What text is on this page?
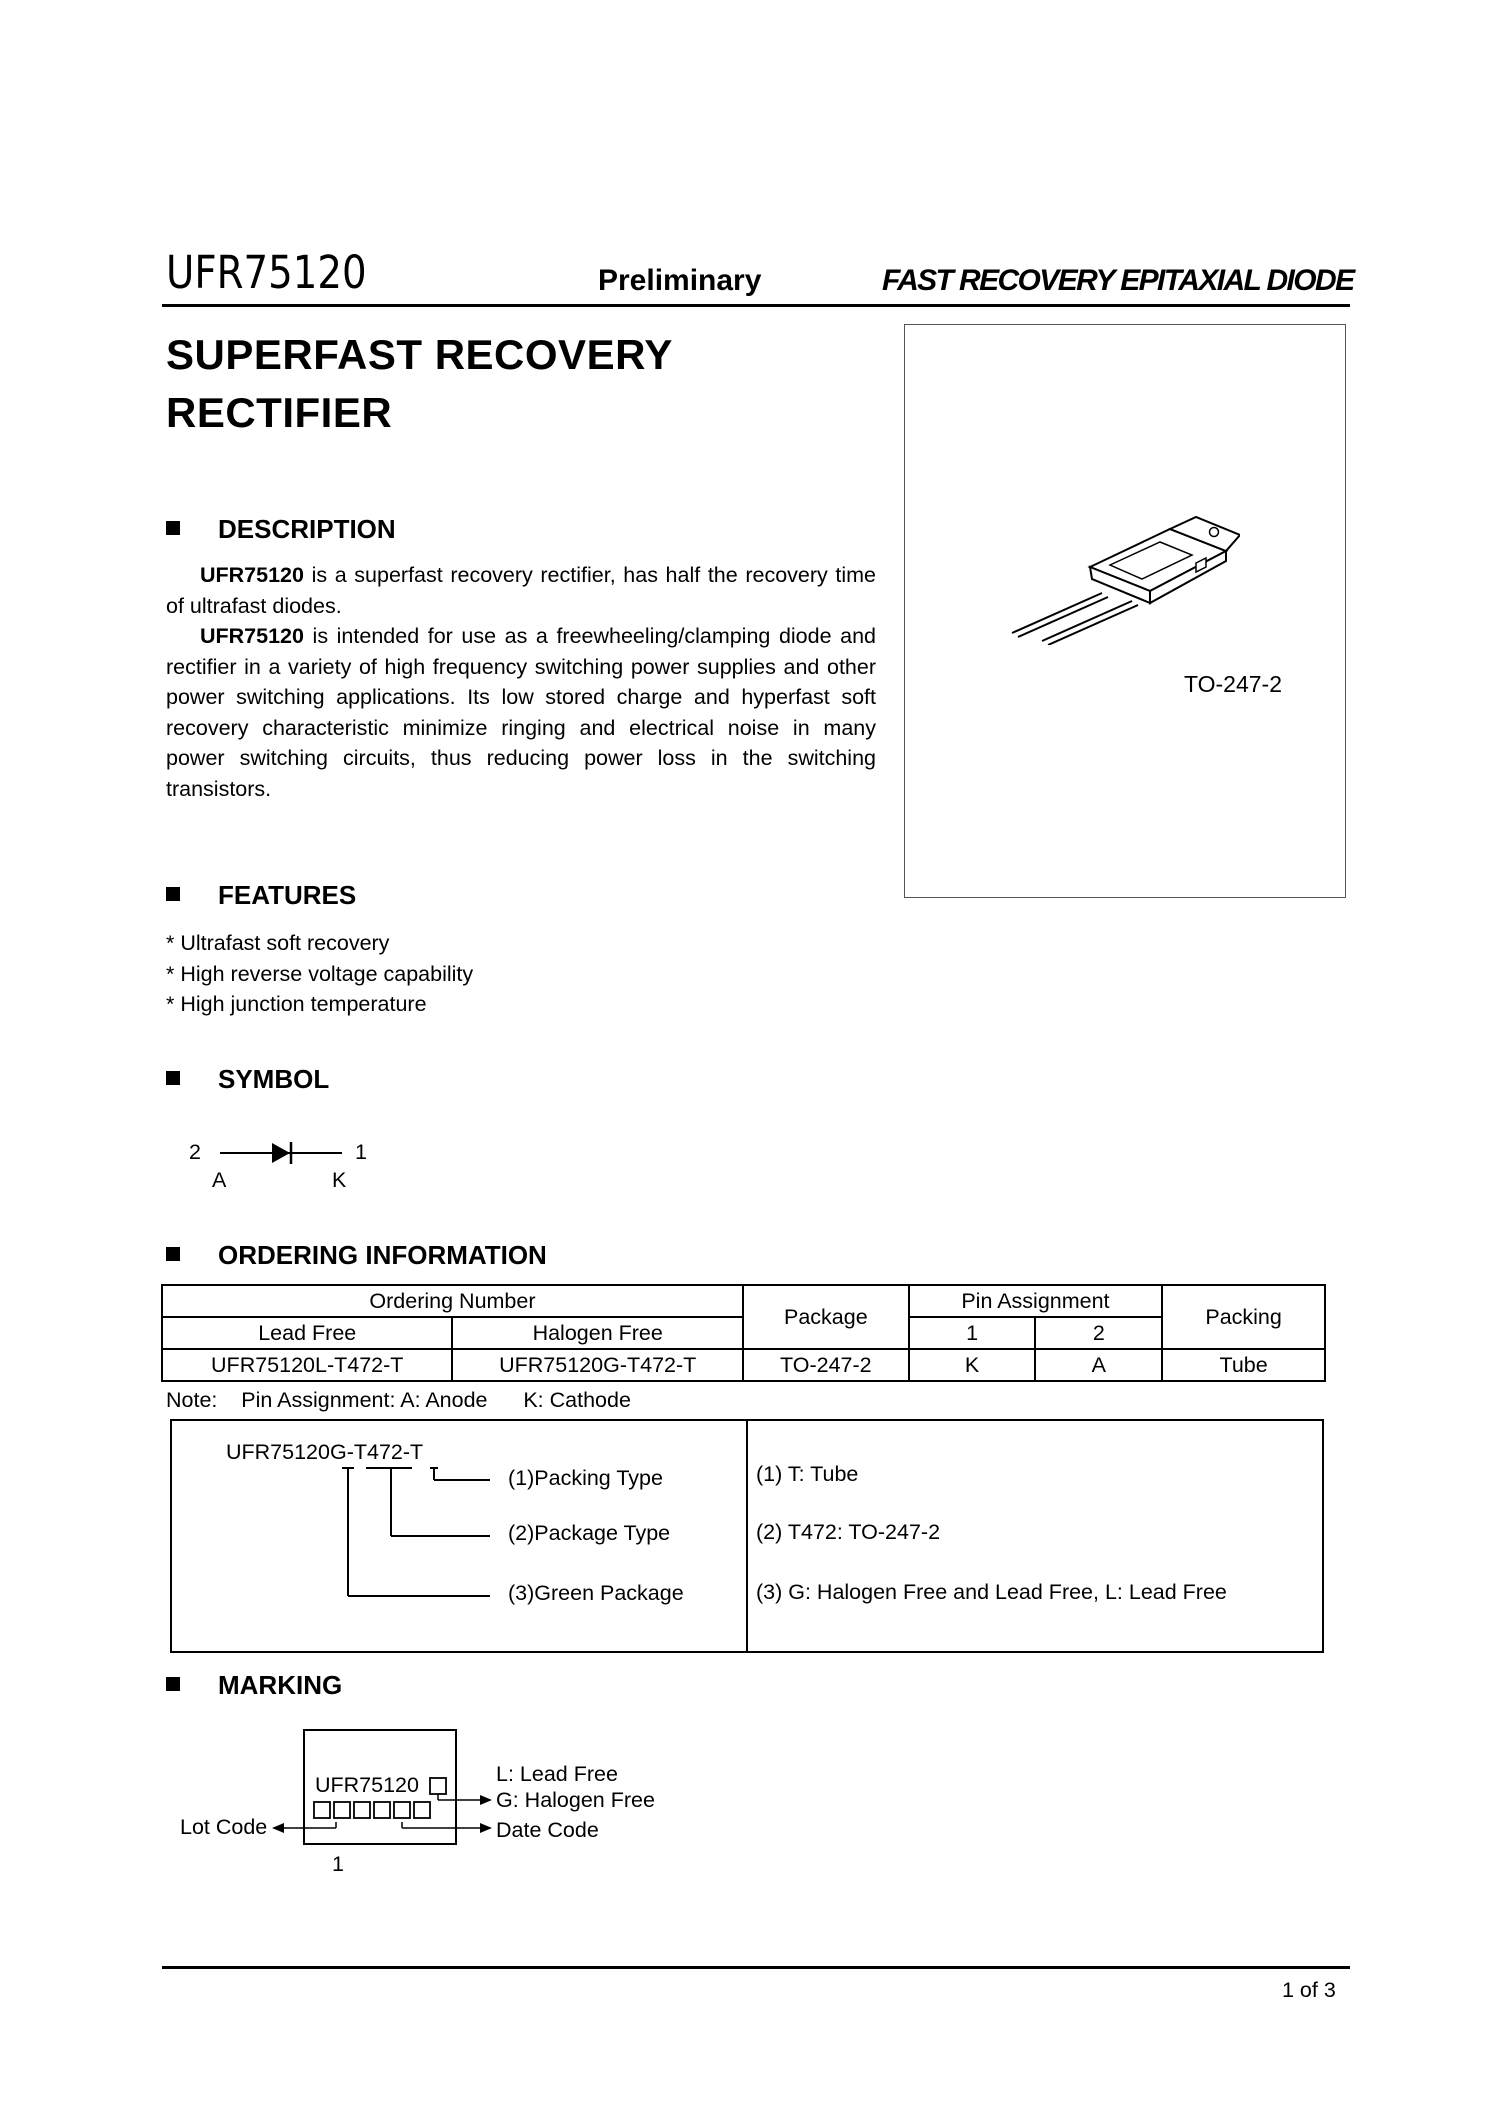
UFR75120	Preliminary	FAST RECOVERY EPITAXIAL DIODE
SUPERFAST RECOVERY
RECTIFIER
TO-247-2
DESCRIPTION

UFR75120 is a superfast recovery rectifier, has half the recovery time of ultrafast diodes.

UFR75120 is intended for use as a freewheeling/clamping diode and rectifier in a variety of high frequency switching power supplies and other power switching applications. Its low stored charge and hyperfast soft recovery characteristic minimize ringing and electrical noise in many power switching circuits, thus reducing power loss in the switching transistors.

FEATURES
* Ultrafast soft recovery
* High reverse voltage capability
* High junction temperature
SYMBOL
2	1
A	K
ORDERING INFORMATION
Ordering Number		Package	Pin Assignment		Packing
Lead Free	Halogen Free		1	2	
UFR75120L-T472-T	UFR75120G-T472-T	TO-247-2	K	A	Tube
Note:    Pin Assignment: A: Anode      K: Cathode
UFR75120G-T472-T
(1)Packing Type
(2)Package Type
(3)Green Package
(1) T: Tube
(2) T472: TO-247-2
(3) G: Halogen Free and Lead Free, L: Lead Free
MARKING
UFR75120	L: Lead Free
G: Halogen Free
Date Code
Lot Code
1
1 of 3
